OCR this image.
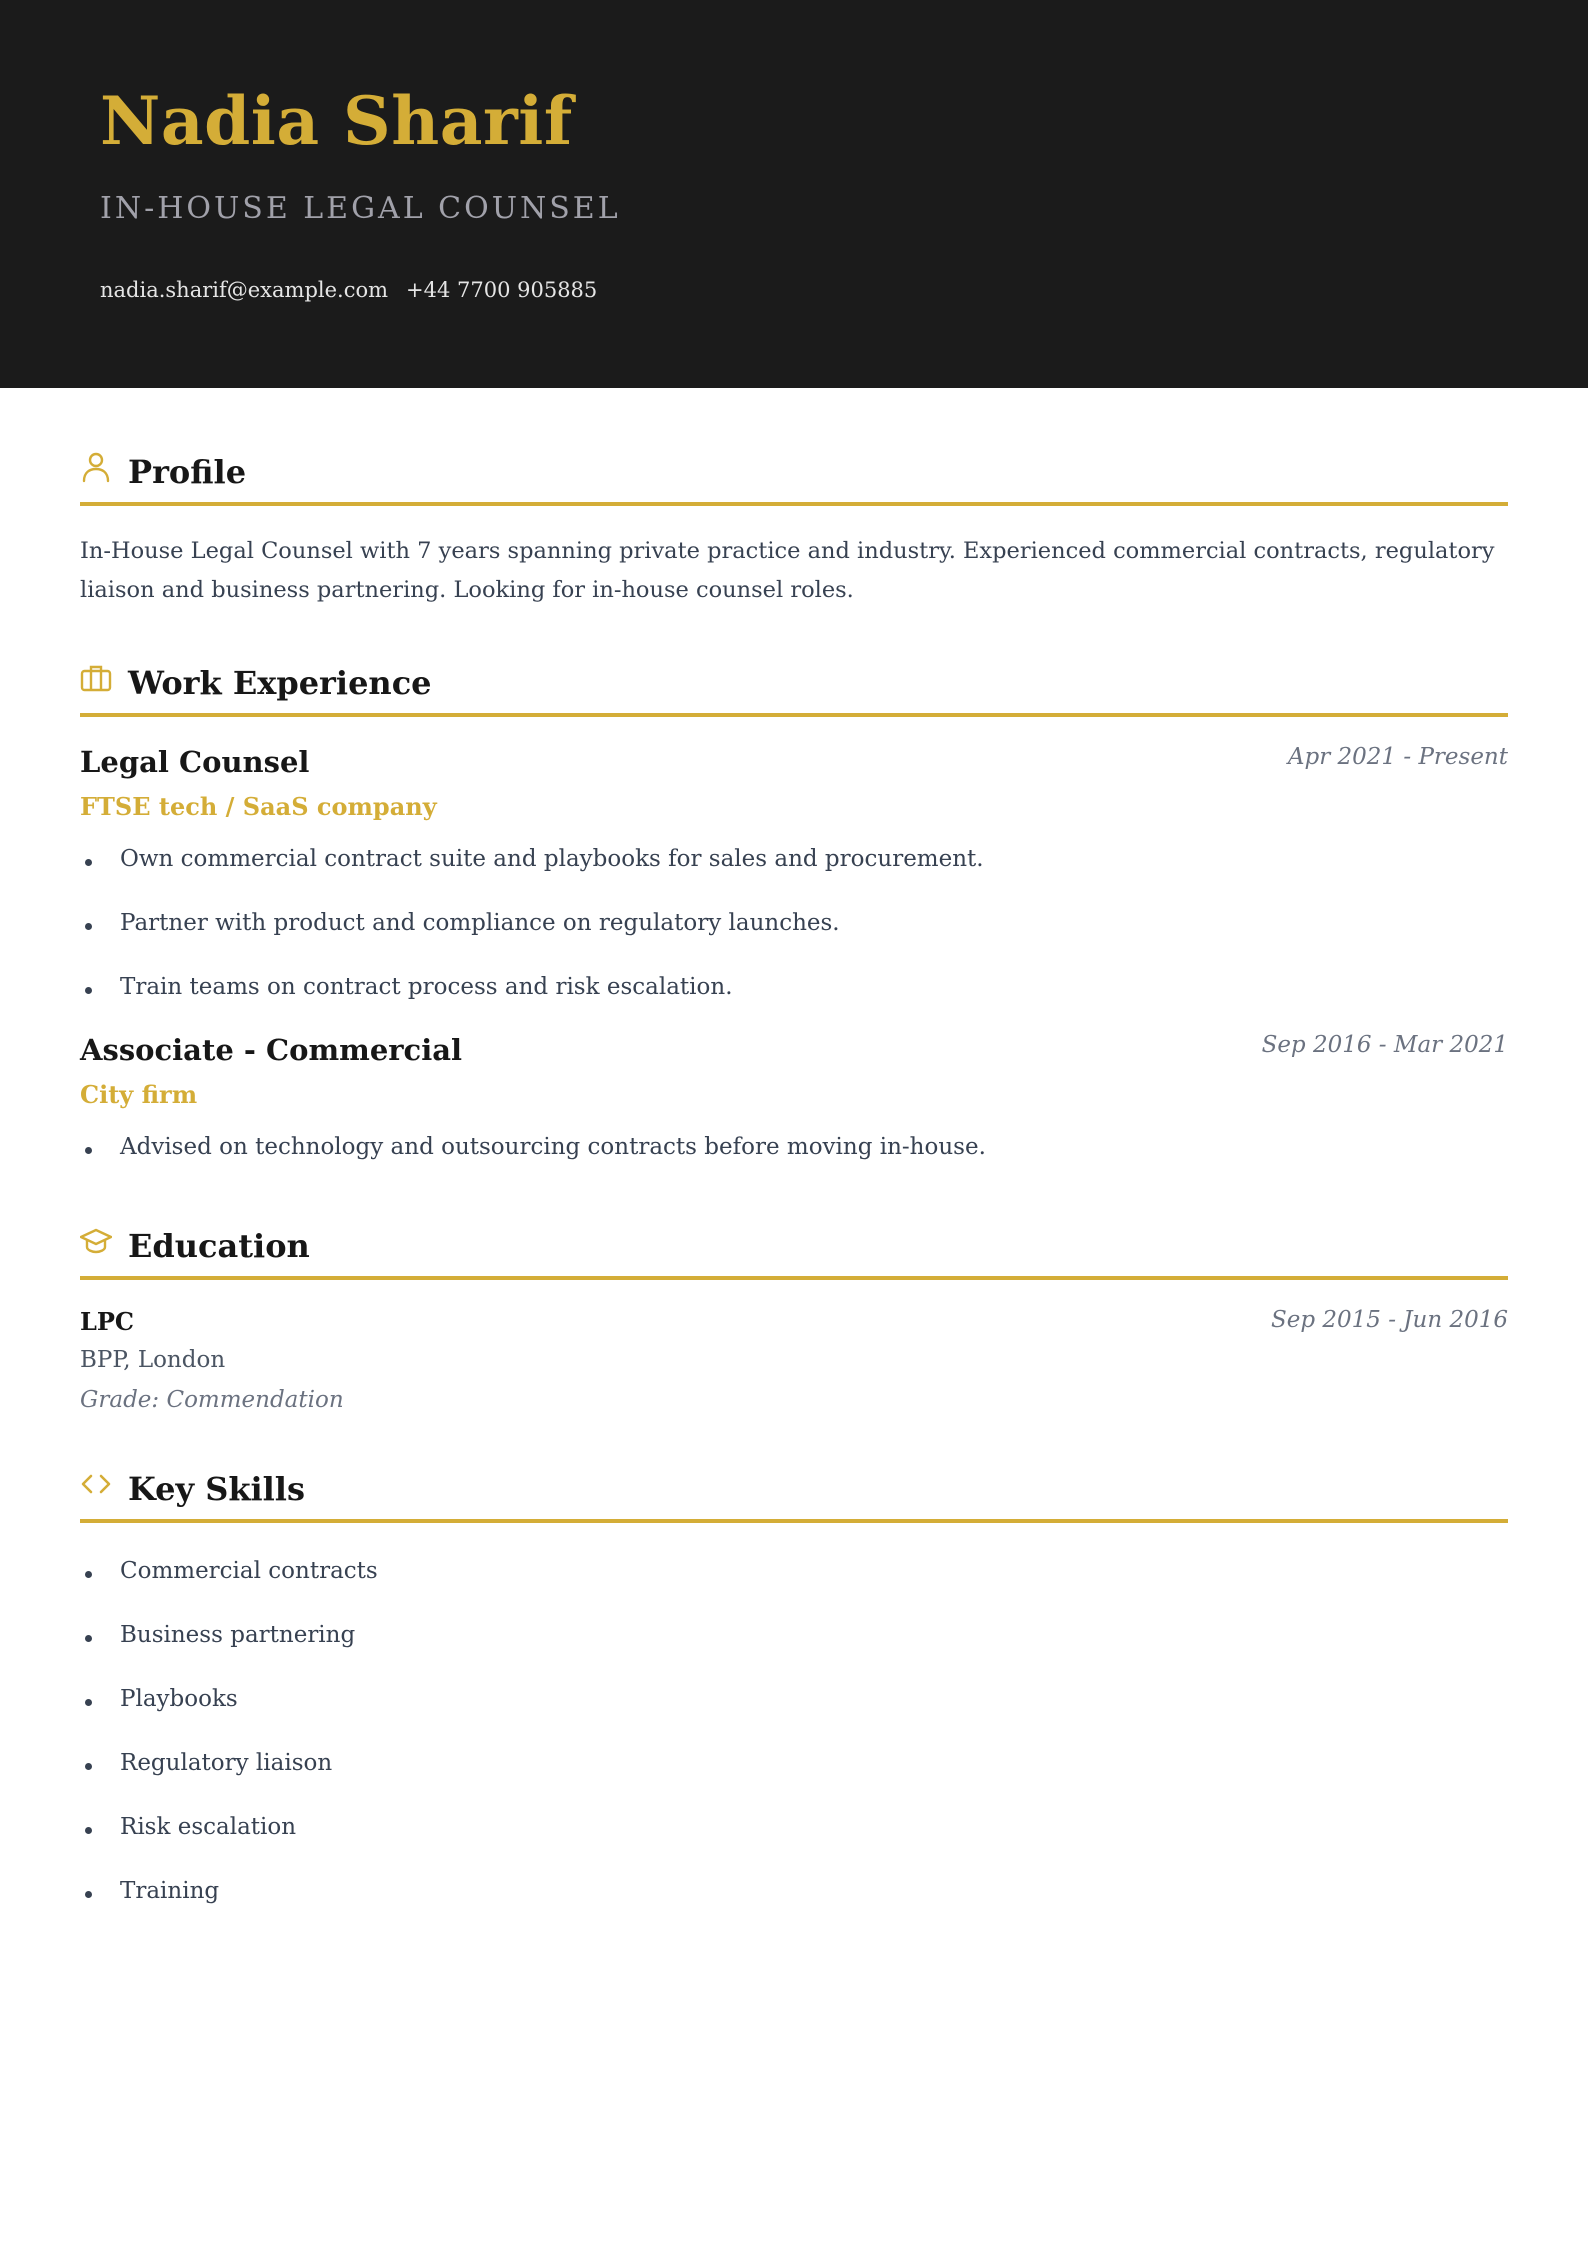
Nadia Sharif
IN-HOUSE LEGAL COUNSEL
nadia.sharif@example.com +44 7700 905885
Profile
In-House Legal Counsel with 7 years spanning private practice and industry. Experienced commercial contracts, regulatory liaison and business partnering. Looking for in-house counsel roles.
Work Experience
Legal Counsel	Apr 2021 - Present
FTSE tech / SaaS company
Own commercial contract suite and playbooks for sales and procurement.
Partner with product and compliance on regulatory launches.
Train teams on contract process and risk escalation.
Associate - Commercial	Sep 2016 - Mar 2021
City firm
Advised on technology and outsourcing contracts before moving in-house.
Education
LPC	Sep 2015 - Jun 2016
BPP, London
Grade: Commendation
Key Skills
Commercial contracts
Business partnering
Playbooks
Regulatory liaison
Risk escalation
Training
